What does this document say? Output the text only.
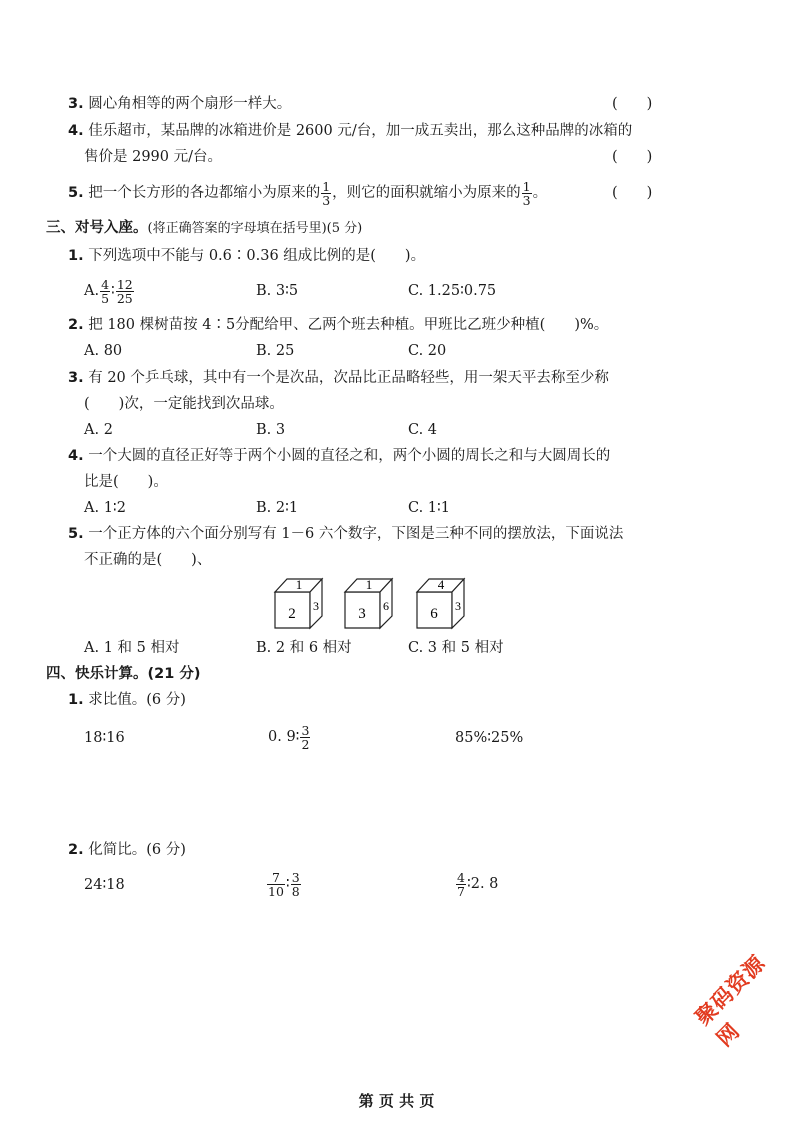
3. 圆心角相等的两个扇形一样大。	(　　)
4. 佳乐超市，某品牌的冰箱进价是 2600 元/台，加一成五卖出，那么这种品牌的冰箱的
售价是 2990 元/台。	(　　)
5. 把一个长方形的各边都缩小为原来的 $\frac{1}{3}$ ，则它的面积就缩小为原来的 $\frac{1}{3}$ 。	(　　)
三、对号入座。(将正确答案的字母填在括号里)(5 分)
1. 下列选项中不能与 0.6∶0.36 组成比例的是(　　)。
A. $\frac{4}{5}$ ∶ $\frac{12}{25}$	B. 3∶5	C. 1.25∶0.75
2. 把 180 棵树苗按 4∶5分配给甲、乙两个班去种植。甲班比乙班少种植(　　)%。
A. 80	B. 25	C. 20
3. 有 20 个乒乓球，其中有一个是次品，次品比正品略轻些，用一架天平去称至少称
(　　)次，一定能找到次品球。
A. 2	B. 3	C. 4
4. 一个大圆的直径正好等于两个小圆的直径之和，两个小圆的周长之和与大圆周长的
比是(　　)。
A. 1∶2	B. 2∶1	C. 1∶1
5. 一个正方体的六个面分别写有 1－6 六个数字，下图是三种不同的摆放法，下面说法
不正确的是(　　)、
1
2 3
1
3 6
4
6 3
A. 1 和 5 相对	B. 2 和 6 相对	C. 3 和 5 相对
四、快乐计算。(21 分)
1. 求比值。(6 分)
18∶16	0. 9∶ $\frac{3}{2}$	85%∶25%
2. 化简比。(6 分)
24∶18	$\frac{7}{10}$ ∶ $\frac{3}{8}$	$\frac{4}{7}$ ∶2. 8
聚码资源网
第 页 共 页
